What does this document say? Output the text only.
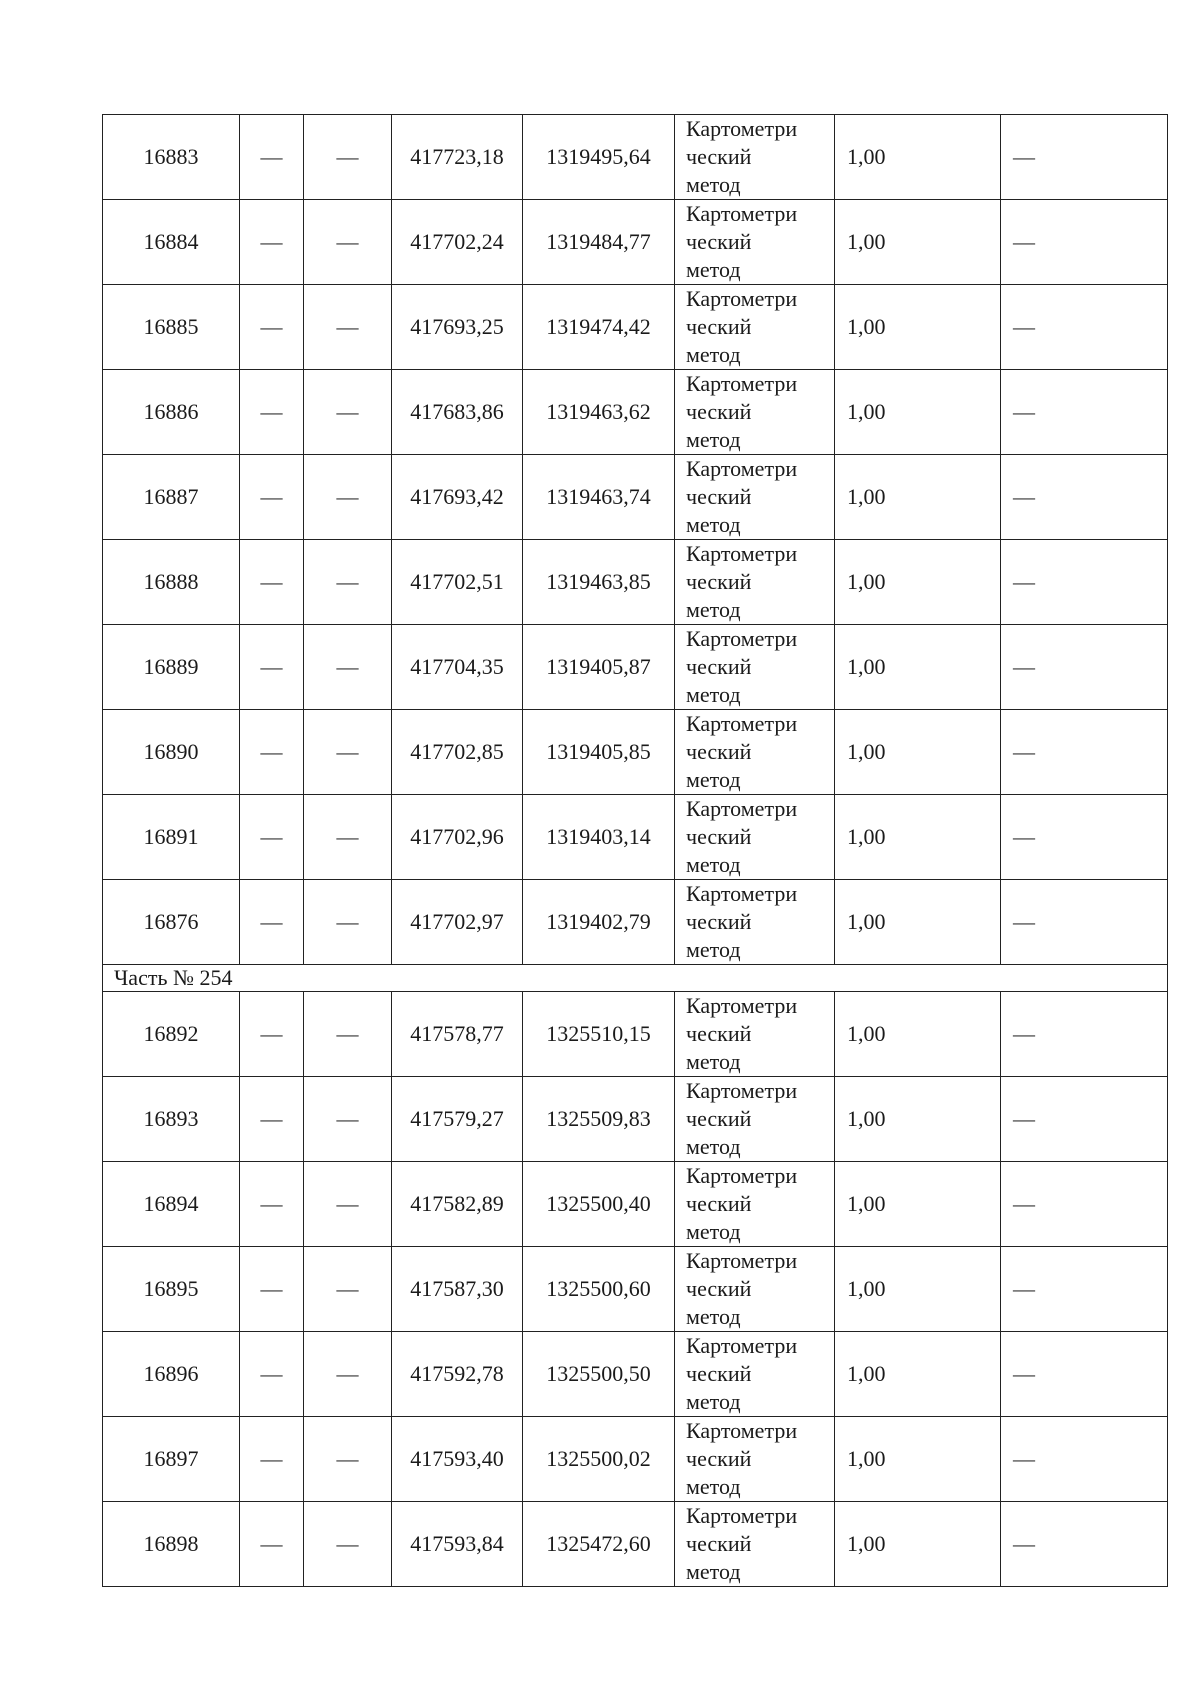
16883	—	—	417723,18	1319495,64	Картометри
ческий
метод	1,00	—
16884	—	—	417702,24	1319484,77	Картометри
ческий
метод	1,00	—
16885	—	—	417693,25	1319474,42	Картометри
ческий
метод	1,00	—
16886	—	—	417683,86	1319463,62	Картометри
ческий
метод	1,00	—
16887	—	—	417693,42	1319463,74	Картометри
ческий
метод	1,00	—
16888	—	—	417702,51	1319463,85	Картометри
ческий
метод	1,00	—
16889	—	—	417704,35	1319405,87	Картометри
ческий
метод	1,00	—
16890	—	—	417702,85	1319405,85	Картометри
ческий
метод	1,00	—
16891	—	—	417702,96	1319403,14	Картометри
ческий
метод	1,00	—
16876	—	—	417702,97	1319402,79	Картометри
ческий
метод	1,00	—
Часть № 254							
16892	—	—	417578,77	1325510,15	Картометри
ческий
метод	1,00	—
16893	—	—	417579,27	1325509,83	Картометри
ческий
метод	1,00	—
16894	—	—	417582,89	1325500,40	Картометри
ческий
метод	1,00	—
16895	—	—	417587,30	1325500,60	Картометри
ческий
метод	1,00	—
16896	—	—	417592,78	1325500,50	Картометри
ческий
метод	1,00	—
16897	—	—	417593,40	1325500,02	Картометри
ческий
метод	1,00	—
16898	—	—	417593,84	1325472,60	Картометри
ческий
метод	1,00	—
